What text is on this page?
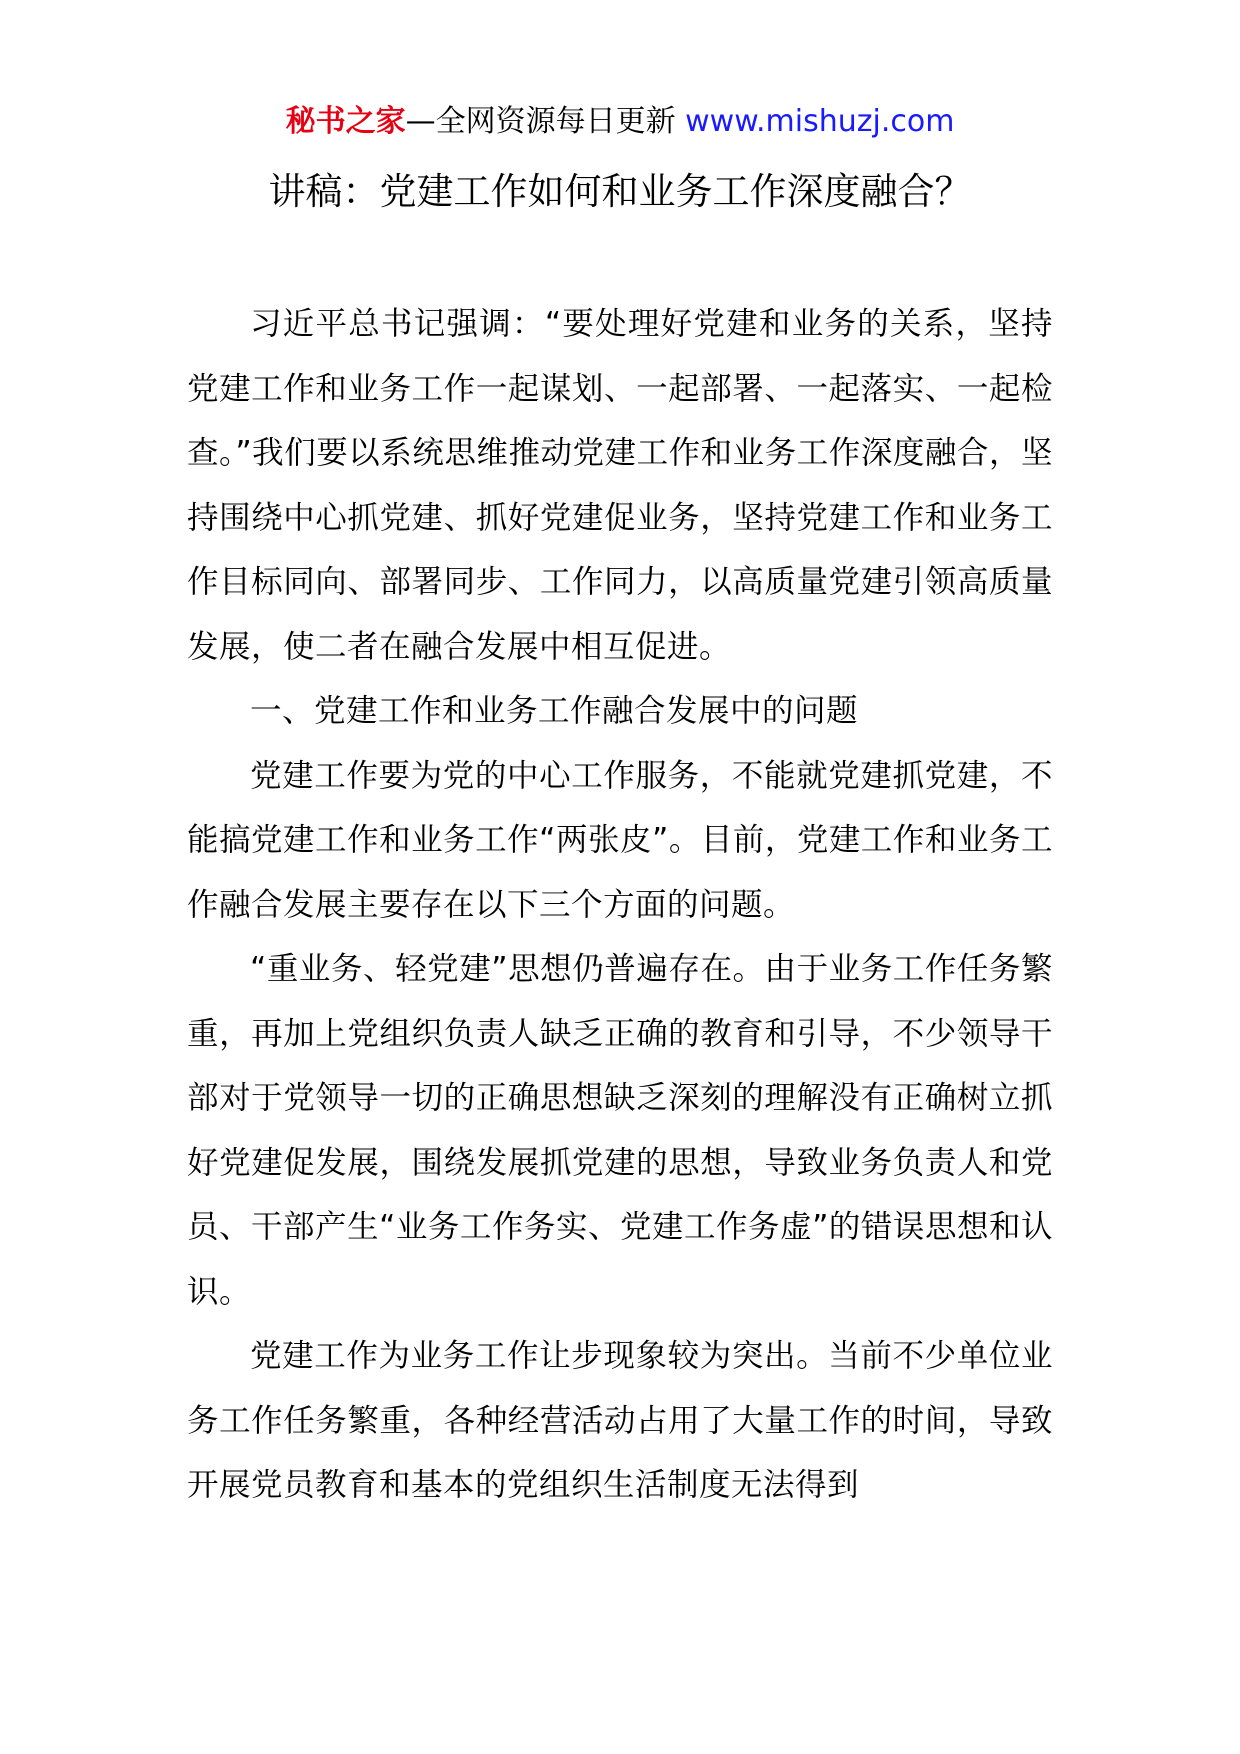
秘书之家—全网资源每日更新 www.mishuzj.com
讲稿：党建工作如何和业务工作深度融合？

习近平总书记强调：“要处理好党建和业务的关系，坚持党建工作和业务工作一起谋划、一起部署、一起落实、一起检查。”我们要以系统思维推动党建工作和业务工作深度融合，坚持围绕中心抓党建、抓好党建促业务，坚持党建工作和业务工作目标同向、部署同步、工作同力，以高质量党建引领高质量发展，使二者在融合发展中相互促进。

一、党建工作和业务工作融合发展中的问题

党建工作要为党的中心工作服务，不能就党建抓党建，不能搞党建工作和业务工作“两张皮”。目前，党建工作和业务工作融合发展主要存在以下三个方面的问题。

“重业务、轻党建”思想仍普遍存在。由于业务工作任务繁重，再加上党组织负责人缺乏正确的教育和引导，不少领导干部对于党领导一切的正确思想缺乏深刻的理解没有正确树立抓好党建促发展，围绕发展抓党建的思想，导致业务负责人和党员、干部产生“业务工作务实、党建工作务虚”的错误思想和认识。

党建工作为业务工作让步现象较为突出。当前不少单位业务工作任务繁重，各种经营活动占用了大量工作的时间，导致开展党员教育和基本的党组织生活制度无法得到
